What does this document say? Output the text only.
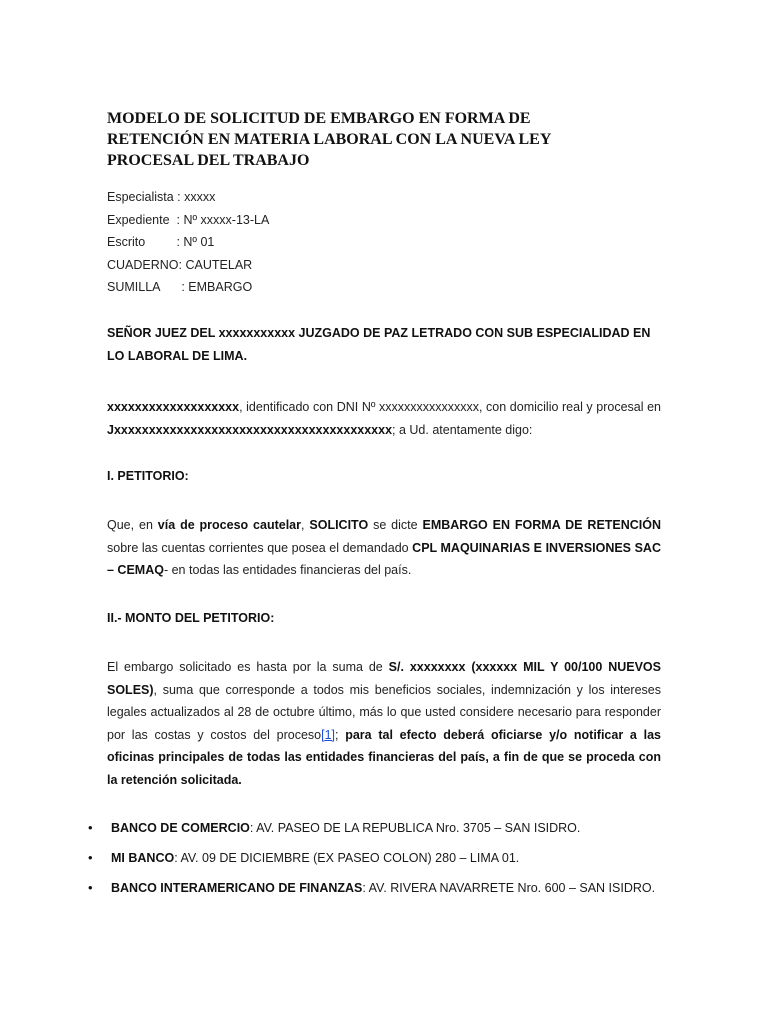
MODELO DE SOLICITUD DE EMBARGO EN FORMA DE RETENCIÓN EN MATERIA LABORAL CON LA NUEVA LEY PROCESAL DEL TRABAJO
Especialista : xxxxx
Expediente : Nº xxxxx-13-LA
Escrito : Nº 01
CUADERNO : CAUTELAR
SUMILLA : EMBARGO
SEÑOR JUEZ DEL xxxxxxxxxxx JUZGADO DE PAZ LETRADO CON SUB ESPECIALIDAD EN LO LABORAL DE LIMA.

xxxxxxxxxxxxxxxxxxx, identificado con DNI Nº xxxxxxxxxxxxxxxx, con domicilio real y procesal en Jxxxxxxxxxxxxxxxxxxxxxxxxxxxxxxxxxxxxxxxx; a Ud. atentamente digo:

I. PETITORIO:

Que, en vía de proceso cautelar, SOLICITO se dicte EMBARGO EN FORMA DE RETENCIÓN sobre las cuentas corrientes que posea el demandado CPL MAQUINARIAS E INVERSIONES SAC – CEMAQ- en todas las entidades financieras del país.

II.- MONTO DEL PETITORIO:

El embargo solicitado es hasta por la suma de S/. xxxxxxxx (xxxxxx MIL Y 00/100 NUEVOS SOLES), suma que corresponde a todos mis beneficios sociales, indemnización y los intereses legales actualizados al 28 de octubre último, más lo que usted considere necesario para responder por las costas y costos del proceso[1]; para tal efecto deberá oficiarse y/o notificar a las oficinas principales de todas las entidades financieras del país, a fin de que se proceda con la retención solicitada.

•	BANCO DE COMERCIO: AV. PASEO DE LA REPUBLICA Nro. 3705 – SAN ISIDRO.
•	MI BANCO: AV. 09 DE DICIEMBRE (EX PASEO COLON) 280 – LIMA 01.
•	BANCO INTERAMERICANO DE FINANZAS: AV. RIVERA NAVARRETE Nro. 600 – SAN ISIDRO.
